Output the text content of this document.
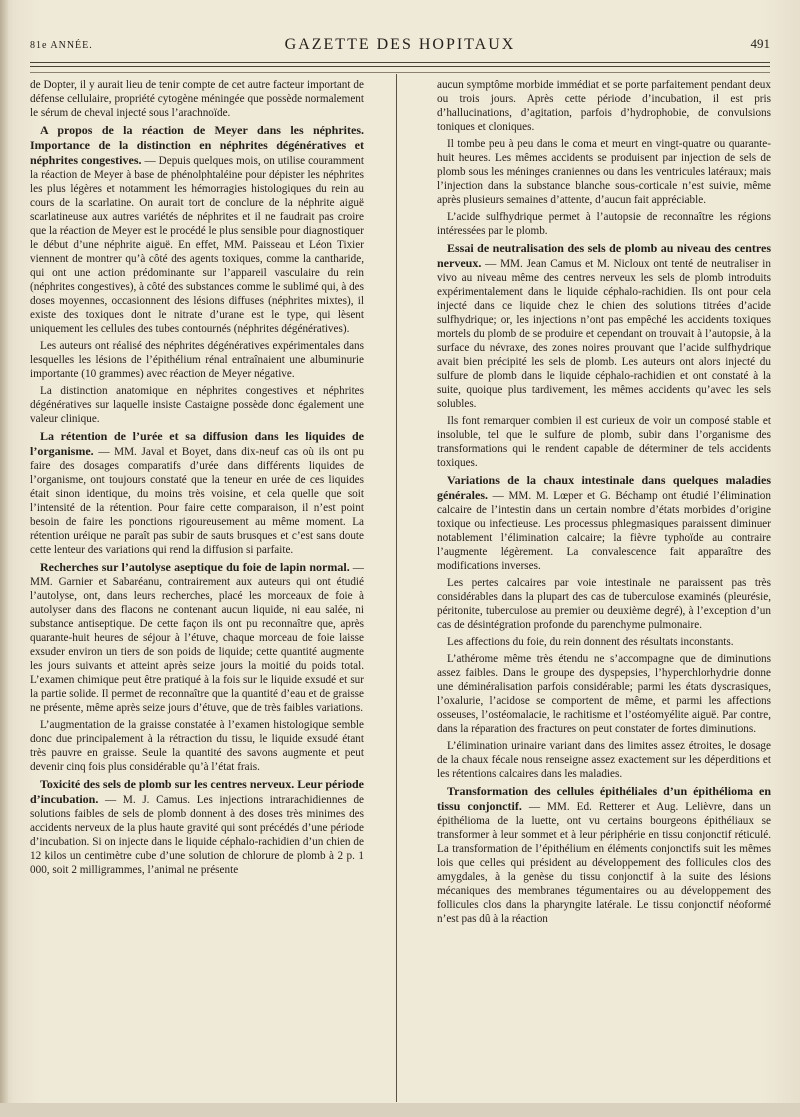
81e ANNÉE.	GAZETTE DES HOPITAUX	491

de Dopter, il y aurait lieu de tenir compte de cet autre facteur important de défense cellulaire, propriété cytogène méningée que possède normalement le sérum de cheval injecté sous l’arachnoïde.

A propos de la réaction de Meyer dans les néphrites. Importance de la distinction en néphrites dégénératives et néphrites congestives. — Depuis quelques mois, on utilise couramment la réaction de Meyer à base de phénolphtaléine pour dépister les néphrites les plus légères et notamment les hémorragies histologiques du rein au cours de la scarlatine. On aurait tort de conclure de la néphrite aiguë scarlatineuse aux autres variétés de néphrites et il ne faudrait pas croire que la réaction de Meyer est le procédé le plus sensible pour diagnostiquer le début d’une néphrite aiguë. En effet, MM. Paisseau et Léon Tixier viennent de montrer qu’à côté des agents toxiques, comme la cantharide, qui ont une action prédominante sur l’appareil vasculaire du rein (néphrites congestives), à côté des substances comme le sublimé qui, à des doses moyennes, occasionnent des lésions diffuses (néphrites mixtes), il existe des toxiques dont le nitrate d’urane est le type, qui lèsent uniquement les cellules des tubes contournés (néphrites dégénératives).

Les auteurs ont réalisé des néphrites dégénératives expérimentales dans lesquelles les lésions de l’épithélium rénal entraînaient une albuminurie importante (10 grammes) avec réaction de Meyer négative.

La distinction anatomique en néphrites congestives et néphrites dégénératives sur laquelle insiste Castaigne possède donc également une valeur clinique.

La rétention de l’urée et sa diffusion dans les liquides de l’organisme. — MM. Javal et Boyet, dans dix-neuf cas où ils ont pu faire des dosages comparatifs d’urée dans différents liquides de l’organisme, ont toujours constaté que la teneur en urée de ces liquides était sinon identique, du moins très voisine, et cela quelle que soit l’intensité de la rétention. Pour faire cette comparaison, il n’est point besoin de faire les ponctions rigoureusement au même moment. La rétention uréique ne paraît pas subir de sauts brusques et c’est sans doute cette lenteur des variations qui rend la diffusion si parfaite.

Recherches sur l’autolyse aseptique du foie de lapin normal. — MM. Garnier et Sabaréanu, contrairement aux auteurs qui ont étudié l’autolyse, ont, dans leurs recherches, placé les morceaux de foie à autolyser dans des flacons ne contenant aucun liquide, ni eau salée, ni substance antiseptique. De cette façon ils ont pu reconnaître que, après quarante-huit heures de séjour à l’étuve, chaque morceau de foie laisse exsuder environ un tiers de son poids de liquide; cette quantité augmente les jours suivants et atteint après seize jours la moitié du poids total. L’examen chimique peut être pratiqué à la fois sur le liquide exsudé et sur la partie solide. Il permet de reconnaître que la quantité d’eau et de graisse ne présente, même après seize jours d’étuve, que de très faibles variations.

L’augmentation de la graisse constatée à l’examen histologique semble donc due principalement à la rétraction du tissu, le liquide exsudé étant très pauvre en graisse. Seule la quantité des savons augmente et peut devenir cinq fois plus considérable qu’à l’état frais.

Toxicité des sels de plomb sur les centres nerveux. Leur période d’incubation. — M. J. Camus. Les injections intrarachidiennes de solutions faibles de sels de plomb donnent à des doses très minimes des accidents nerveux de la plus haute gravité qui sont précédés d’une période d’incubation. Si on injecte dans le liquide céphalo-rachidien d’un chien de 12 kilos un centimètre cube d’une solution de chlorure de plomb à 2 p. 1 000, soit 2 milligrammes, l’animal ne présente

aucun symptôme morbide immédiat et se porte parfaitement pendant deux ou trois jours. Après cette période d’incubation, il est pris d’hallucinations, d’agitation, parfois d’hydrophobie, de convulsions toniques et cloniques.

Il tombe peu à peu dans le coma et meurt en vingt-quatre ou quarante-huit heures. Les mêmes accidents se produisent par injection de sels de plomb sous les méninges craniennes ou dans les ventricules latéraux; mais l’injection dans la substance blanche sous-corticale n’est suivie, même après plusieurs semaines d’attente, d’aucun fait appréciable.

L’acide sulfhydrique permet à l’autopsie de reconnaître les régions intéressées par le plomb.

Essai de neutralisation des sels de plomb au niveau des centres nerveux. — MM. Jean Camus et M. Nicloux ont tenté de neutraliser in vivo au niveau même des centres nerveux les sels de plomb introduits expérimentalement dans le liquide céphalo-rachidien. Ils ont pour cela injecté dans ce liquide chez le chien des solutions titrées d’acide sulfhydrique; or, les injections n’ont pas empêché les accidents toxiques mortels du plomb de se produire et cependant on trouvait à l’autopsie, à la surface du névraxe, des zones noires prouvant que l’acide sulfhydrique avait bien précipité les sels de plomb. Les auteurs ont alors injecté du sulfure de plomb dans le liquide céphalo-rachidien et ont constaté à la suite, quoique plus tardivement, les mêmes accidents qu’avec les sels solubles.

Ils font remarquer combien il est curieux de voir un composé stable et insoluble, tel que le sulfure de plomb, subir dans l’organisme des transformations qui le rendent capable de déterminer de tels accidents toxiques.

Variations de la chaux intestinale dans quelques maladies générales. — MM. M. Lœper et G. Béchamp ont étudié l’élimination calcaire de l’intestin dans un certain nombre d’états morbides d’origine toxique ou infectieuse. Les processus phlegmasiques paraissent diminuer notablement l’élimination calcaire; la fièvre typhoïde au contraire l’augmente légèrement. La convalescence fait apparaître des modifications inverses.

Les pertes calcaires par voie intestinale ne paraissent pas très considérables dans la plupart des cas de tuberculose examinés (pleurésie, péritonite, tuberculose au premier ou deuxième degré), à l’exception d’un cas de désintégration profonde du parenchyme pulmonaire.

Les affections du foie, du rein donnent des résultats inconstants.

L’athérome même très étendu ne s’accompagne que de diminutions assez faibles. Dans le groupe des dyspepsies, l’hyperchlorhydrie donne une déminéralisation parfois considérable; parmi les états dyscrasiques, l’oxalurie, l’acidose se comportent de même, et parmi les affections osseuses, l’ostéomalacie, le rachitisme et l’ostéomyélite aiguë. Par contre, dans la réparation des fractures on peut constater de fortes diminutions.

L’élimination urinaire variant dans des limites assez étroites, le dosage de la chaux fécale nous renseigne assez exactement sur les déperditions et les rétentions calcaires dans les maladies.

Transformation des cellules épithéliales d’un épithélioma en tissu conjonctif. — MM. Ed. Retterer et Aug. Lelièvre, dans un épithélioma de la luette, ont vu certains bourgeons épithéliaux se transformer à leur sommet et à leur périphérie en tissu conjonctif réticulé. La transformation de l’épithélium en éléments conjonctifs suit les mêmes lois que celles qui président au développement des follicules clos des amygdales, à la genèse du tissu conjonctif à la suite des lésions mécaniques des membranes tégumentaires ou au développement des follicules clos dans la pharyngite latérale. Le tissu conjonctif néoformé n’est pas dû à la réaction
